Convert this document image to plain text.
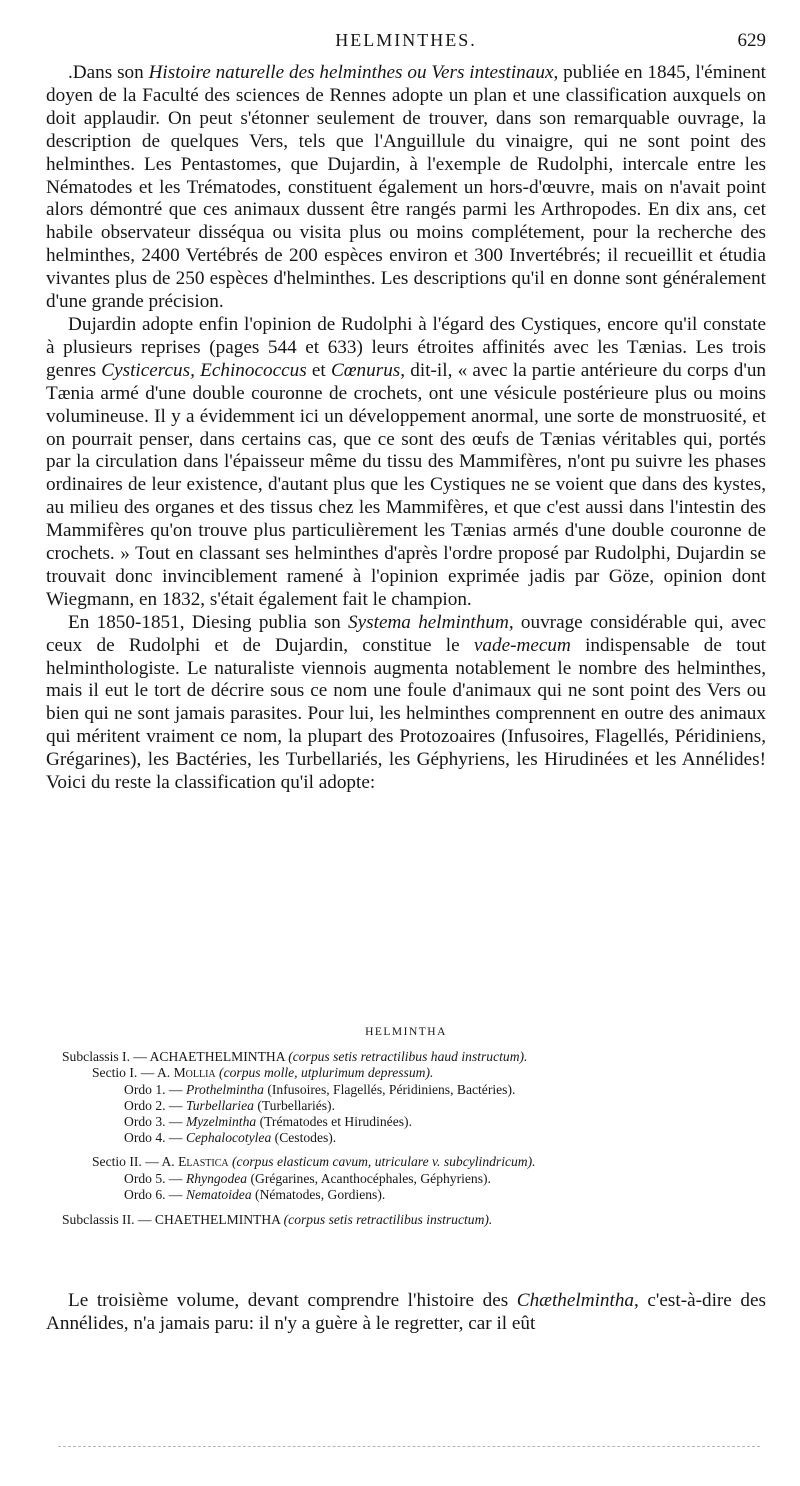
HELMINTHES.	629

.Dans son Histoire naturelle des helminthes ou Vers intestinaux, publiée en 1845, l'éminent doyen de la Faculté des sciences de Rennes adopte un plan et une classification auxquels on doit applaudir. On peut s'étonner seulement de trouver, dans son remarquable ouvrage, la description de quelques Vers, tels que l'Anguillule du vinaigre, qui ne sont point des helminthes. Les Pentastomes, que Dujardin, à l'exemple de Rudolphi, intercale entre les Nématodes et les Trématodes, constituent également un hors-d'œuvre, mais on n'avait point alors démontré que ces animaux dussent être rangés parmi les Arthropodes. En dix ans, cet habile observateur disséqua ou visita plus ou moins complétement, pour la recherche des helminthes, 2400 Vertébrés de 200 espèces environ et 300 Invertébrés; il recueillit et étudia vivantes plus de 250 espèces d'helminthes. Les descriptions qu'il en donne sont généralement d'une grande précision.

Dujardin adopte enfin l'opinion de Rudolphi à l'égard des Cystiques, encore qu'il constate à plusieurs reprises (pages 544 et 633) leurs étroites affinités avec les Tænias. Les trois genres Cysticercus, Echinococcus et Cœnurus, dit-il, « avec la partie antérieure du corps d'un Tænia armé d'une double couronne de crochets, ont une vésicule postérieure plus ou moins volumineuse. Il y a évidemment ici un développement anormal, une sorte de monstruosité, et on pourrait penser, dans certains cas, que ce sont des œufs de Tænias véritables qui, portés par la circulation dans l'épaisseur même du tissu des Mammifères, n'ont pu suivre les phases ordinaires de leur existence, d'autant plus que les Cystiques ne se voient que dans des kystes, au milieu des organes et des tissus chez les Mammifères, et que c'est aussi dans l'intestin des Mammifères qu'on trouve plus particulièrement les Tænias armés d'une double couronne de crochets. » Tout en classant ses helminthes d'après l'ordre proposé par Rudolphi, Dujardin se trouvait donc invinciblement ramené à l'opinion exprimée jadis par Göze, opinion dont Wiegmann, en 1832, s'était également fait le champion.

En 1850-1851, Diesing publia son Systema helminthum, ouvrage considérable qui, avec ceux de Rudolphi et de Dujardin, constitue le vade-mecum indispensable de tout helminthologiste. Le naturaliste viennois augmenta notablement le nombre des helminthes, mais il eut le tort de décrire sous ce nom une foule d'animaux qui ne sont point des Vers ou bien qui ne sont jamais parasites. Pour lui, les helminthes comprennent en outre des animaux qui méritent vraiment ce nom, la plupart des Protozoaires (Infusoires, Flagellés, Péridiniens, Grégarines), les Bactéries, les Turbellariés, les Géphyriens, les Hirudinées et les Annélides! Voici du reste la classification qu'il adopte:

HELMINTHA
Subclassis I. — ACHAETHELMINTHA (corpus setis retractilibus haud instructum).
Sectio I. — A. Mollia (corpus molle, utplurimum depressum).
Ordo 1. — Prothelmintha (Infusoires, Flagellés, Péridiniens, Bactéries).
Ordo 2. — Turbellariea (Turbellariés).
Ordo 3. — Myzelmintha (Trématodes et Hirudinées).
Ordo 4. — Cephalocotylea (Cestodes).
Sectio II. — A. Elastica (corpus elasticum cavum, utriculare v. subcylindricum).
Ordo 5. — Rhyngodea (Grégarines, Acanthocéphales, Géphyriens).
Ordo 6. — Nematoidea (Nématodes, Gordiens).
Subclassis II. — CHAETHELMINTHA (corpus setis retractilibus instructum).

Le troisième volume, devant comprendre l'histoire des Chæthelmintha, c'est-à-dire des Annélides, n'a jamais paru: il n'y a guère à le regretter, car il eût
